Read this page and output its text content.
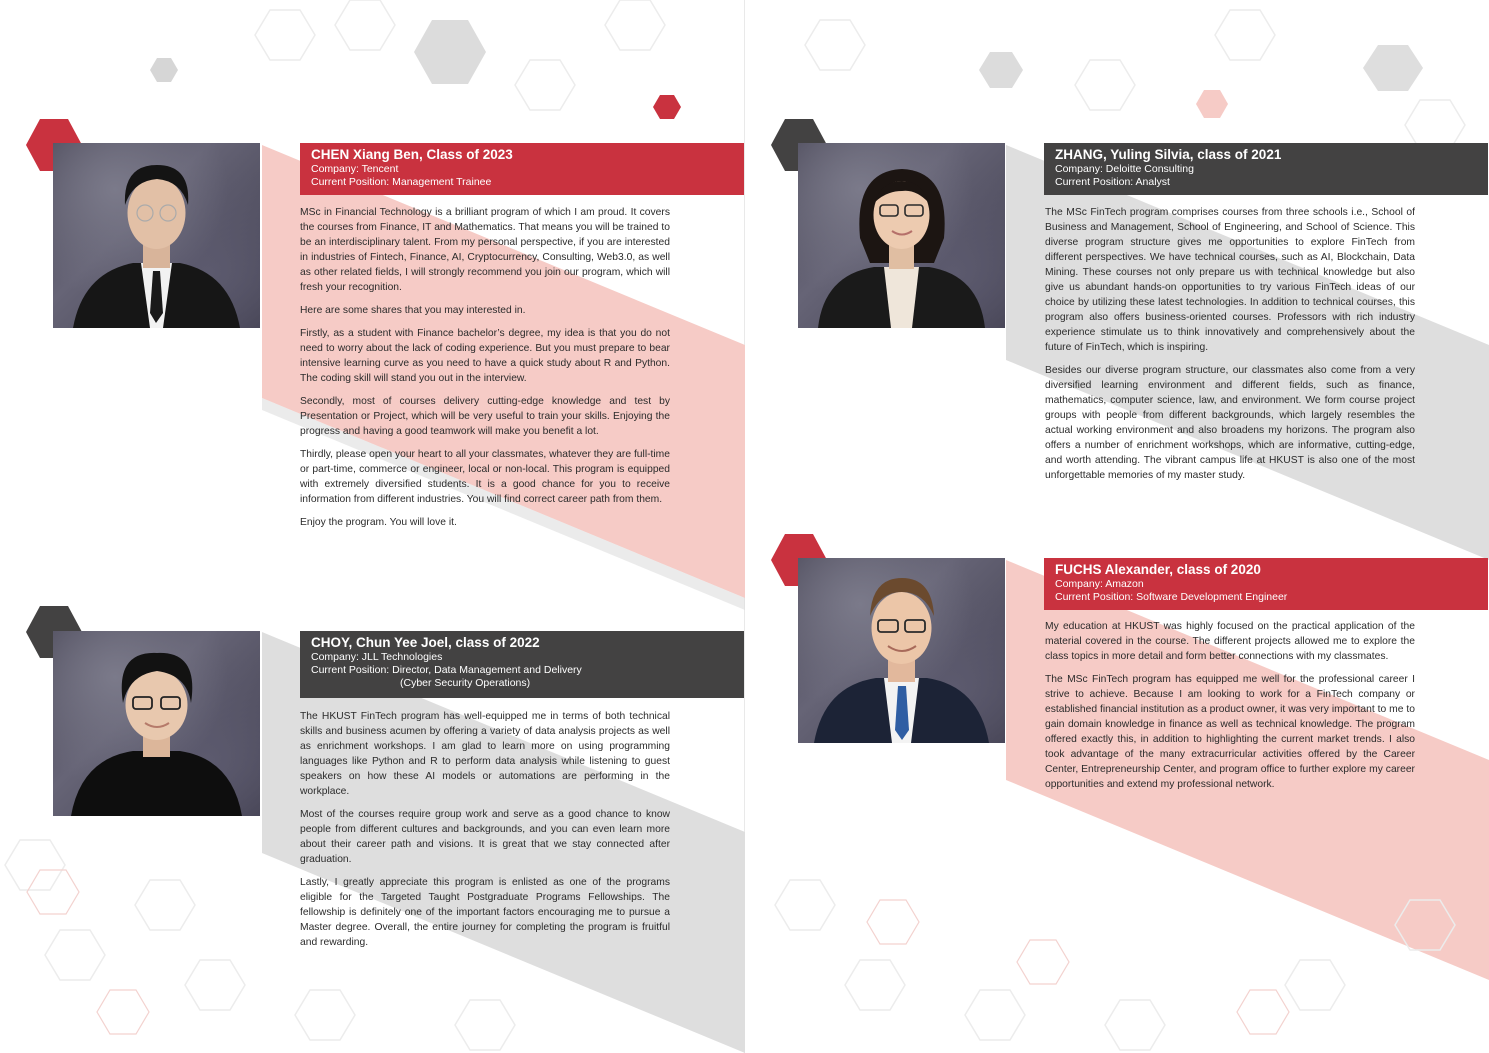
CHEN Xiang Ben, Class of 2023
Company: Tencent
Current Position: Management Trainee

MSc in Financial Technology is a brilliant program of which I am proud. It covers the courses from Finance, IT and Mathematics. That means you will be trained to be an interdisciplinary talent. From my personal perspective, if you are interested in industries of Fintech, Finance, AI, Cryptocurrency, Consulting, Web3.0, as well as other related fields, I will strongly recommend you join our program, which will fresh your recognition.

Here are some shares that you may interested in.

Firstly, as a student with Finance bachelor’s degree, my idea is that you do not need to worry about the lack of coding experience. But you must prepare to bear intensive learning curve as you need to have a quick study about R and Python. The coding skill will stand you out in the interview.

Secondly, most of courses delivery cutting-edge knowledge and test by Presentation or Project, which will be very useful to train your skills. Enjoying the progress and having a good teamwork will make you benefit a lot.

Thirdly, please open your heart to all your classmates, whatever they are full-time or part-time, commerce or engineer, local or non-local. This program is equipped with extremely diversified students. It is a good chance for you to receive information from different industries. You will find correct career path from them.

Enjoy the program. You will love it.

CHOY, Chun Yee Joel, class of 2022
Company: JLL Technologies
Current Position: Director, Data Management and Delivery
(Cyber Security Operations)

The HKUST FinTech program has well-equipped me in terms of both technical skills and business acumen by offering a variety of data analysis projects as well as enrichment workshops. I am glad to learn more on using programming languages like Python and R to perform data analysis while listening to guest speakers on how these AI models or automations are performing in the workplace.

Most of the courses require group work and serve as a good chance to know people from different cultures and backgrounds, and you can even learn more about their career path and visions. It is great that we stay connected after graduation.

Lastly, I greatly appreciate this program is enlisted as one of the programs eligible for the Targeted Taught Postgraduate Programs Fellowships. The fellowship is definitely one of the important factors encouraging me to pursue a Master degree. Overall, the entire journey for completing the program is fruitful and rewarding.

ZHANG, Yuling Silvia, class of 2021
Company: Deloitte Consulting
Current Position: Analyst

The MSc FinTech program comprises courses from three schools i.e., School of Business and Management, School of Engineering, and School of Science. This diverse program structure gives me opportunities to explore FinTech from different perspectives. We have technical courses, such as AI, Blockchain, Data Mining. These courses not only prepare us with technical knowledge but also give us abundant hands-on opportunities to try various FinTech ideas of our choice by utilizing these latest technologies. In addition to technical courses, this program also offers business-oriented courses. Professors with rich industry experience stimulate us to think innovatively and comprehensively about the future of FinTech, which is inspiring.

Besides our diverse program structure, our classmates also come from a very diversified learning environment and different fields, such as finance, mathematics, computer science, law, and environment. We form course project groups with people from different backgrounds, which largely resembles the actual working environment and also broadens my horizons. The program also offers a number of enrichment workshops, which are informative, cutting-edge, and worth attending. The vibrant campus life at HKUST is also one of the most unforgettable memories of my master study.

FUCHS Alexander, class of 2020
Company: Amazon
Current Position: Software Development Engineer

My education at HKUST was highly focused on the practical application of the material covered in the course. The different projects allowed me to explore the class topics in more detail and form better connections with my classmates.

The MSc FinTech program has equipped me well for the professional career I strive to achieve. Because I am looking to work for a FinTech company or established financial institution as a product owner, it was very important to me to gain domain knowledge in finance as well as technical knowledge. The program offered exactly this, in addition to highlighting the current market trends. I also took advantage of the many extracurricular activities offered by the Career Center, Entrepreneurship Center, and program office to further explore my career opportunities and extend my professional network.
